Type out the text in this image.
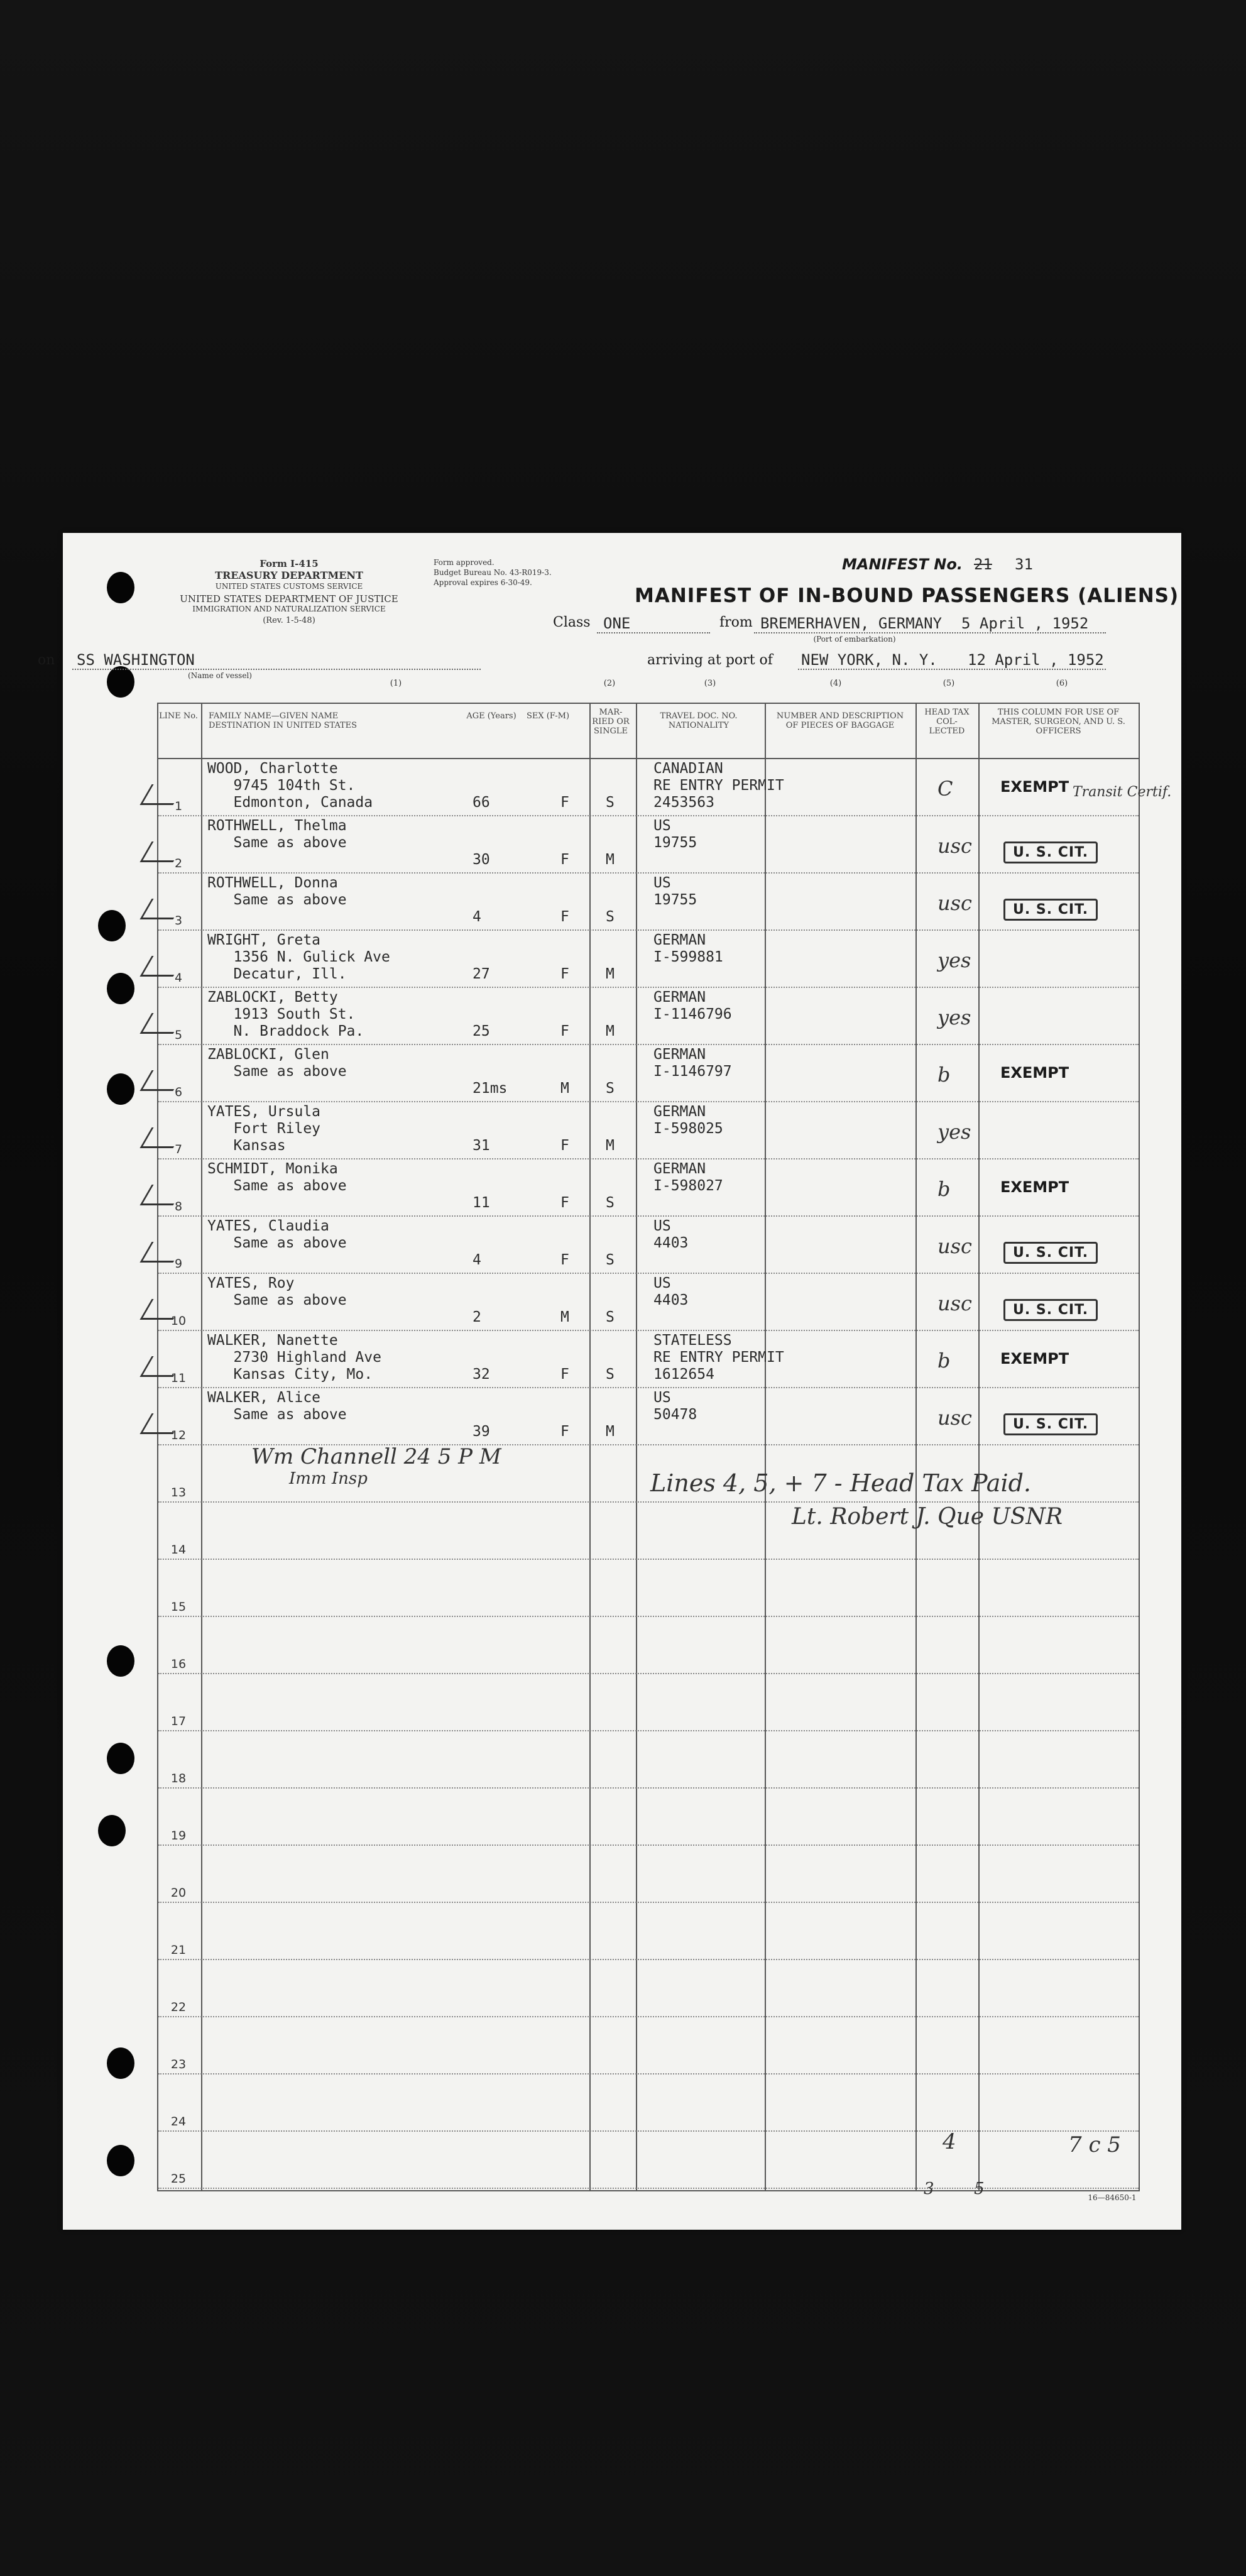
Form I-415
TREASURY DEPARTMENT
UNITED STATES CUSTOMS SERVICE
UNITED STATES DEPARTMENT OF JUSTICE
IMMIGRATION AND NATURALIZATION SERVICE
(Rev. 1-5-48)
Form approved.
Budget Bureau No. 43-R019-3.
Approval expires 6-30-49.
MANIFEST No. 21 31
MANIFEST OF IN-BOUND PASSENGERS (ALIENS)
Class ONE	from BREMERHAVEN, GERMANY 5 April , 1952
(Port of embarkation)
on SS WASHINGTON
(Name of vessel)
arriving at port of NEW YORK, N. Y. 12 April , 1952
(1)	(2)	(3)	(4)	(5)	(6)
LINE No. FAMILY NAME—GIVEN NAME DESTINATION IN UNITED STATES
AGE (Years)	SEX (F-M)	MAR-RIED OR SINGLE
TRAVEL DOC. NO. NATIONALITY
NUMBER AND DESCRIPTION OF PIECES OF BAGGAGE
HEAD TAX COL-LECTED
THIS COLUMN FOR USE OF MASTER, SURGEON, AND U. S. OFFICERS
1
WOOD, Charlotte
9745 104th St.
Edmonton, Canada	66	F	S
CANADIAN
RE ENTRY PERMIT
2453563
C	EXEMPT Transit Certif.
2
ROTHWELL, Thelma
Same as above
30	F	M
US
19755	usc	U. S. CIT.
3
ROTHWELL, Donna
Same as above
4	F	S
US
19755	usc	U. S. CIT.
4
WRIGHT, Greta
1356 N. Gulick Ave
Decatur, Ill.	27	F	M
GERMAN
I-599881	yes
5
ZABLOCKI, Betty
1913 South St.
N. Braddock Pa.	25	F	M
GERMAN
I-1146796	yes
6
ZABLOCKI, Glen
Same as above
21ms	M	S
GERMAN
I-1146797	b	EXEMPT
7
YATES, Ursula
Fort Riley
Kansas	31	F	M
GERMAN
I-598025	yes
8
SCHMIDT, Monika
Same as above
11	F	S
GERMAN
I-598027	b	EXEMPT
9
YATES, Claudia
Same as above
4	F	S
US
4403	usc	U. S. CIT.
10
YATES, Roy
Same as above
2	M	S
US
4403	usc	U. S. CIT.
11
WALKER, Nanette
2730 Highland Ave
Kansas City, Mo.	32	F	S
STATELESS
RE ENTRY PERMIT
1612654
b	EXEMPT
12
WALKER, Alice
Same as above
39	F	M
US
50478	usc	U. S. CIT.
13
14
15
16
17
18
19
20
21
22
23
24
25
Wm Channell 24 5 P M
Imm Insp	Lines 4, 5, + 7 - Head Tax Paid.
Lt. Robert J. Que USNR
4	7 c 5
3 5	16—84650-1
